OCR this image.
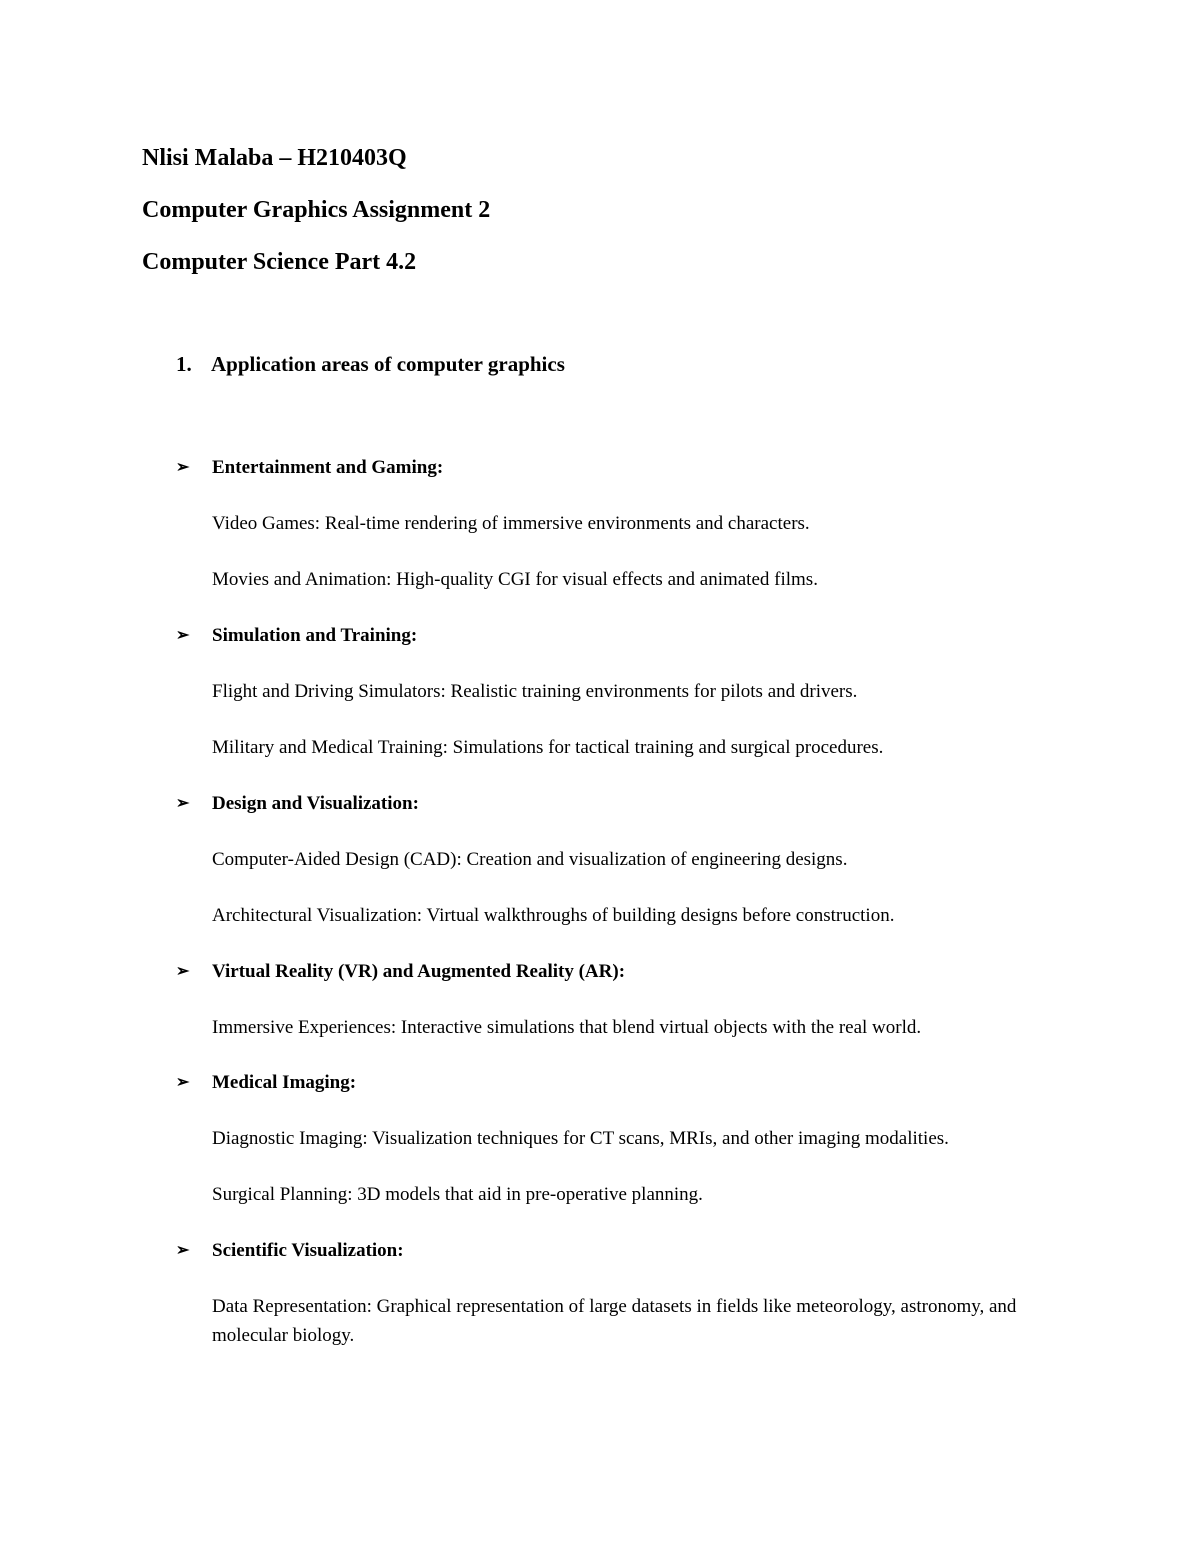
Nlisi Malaba – H210403Q

Computer Graphics Assignment 2

Computer Science Part 4.2

1. Application areas of computer graphics
➢ Entertainment and Gaming:

Video Games: Real-time rendering of immersive environments and characters.

Movies and Animation: High-quality CGI for visual effects and animated films.

➢ Simulation and Training:

Flight and Driving Simulators: Realistic training environments for pilots and drivers.

Military and Medical Training: Simulations for tactical training and surgical procedures.

➢ Design and Visualization:

Computer-Aided Design (CAD): Creation and visualization of engineering designs.

Architectural Visualization: Virtual walkthroughs of building designs before construction.

➢ Virtual Reality (VR) and Augmented Reality (AR):

Immersive Experiences: Interactive simulations that blend virtual objects with the real world.

➢ Medical Imaging:

Diagnostic Imaging: Visualization techniques for CT scans, MRIs, and other imaging modalities.

Surgical Planning: 3D models that aid in pre-operative planning.

➢ Scientific Visualization:

Data Representation: Graphical representation of large datasets in fields like meteorology, astronomy, and molecular biology.
